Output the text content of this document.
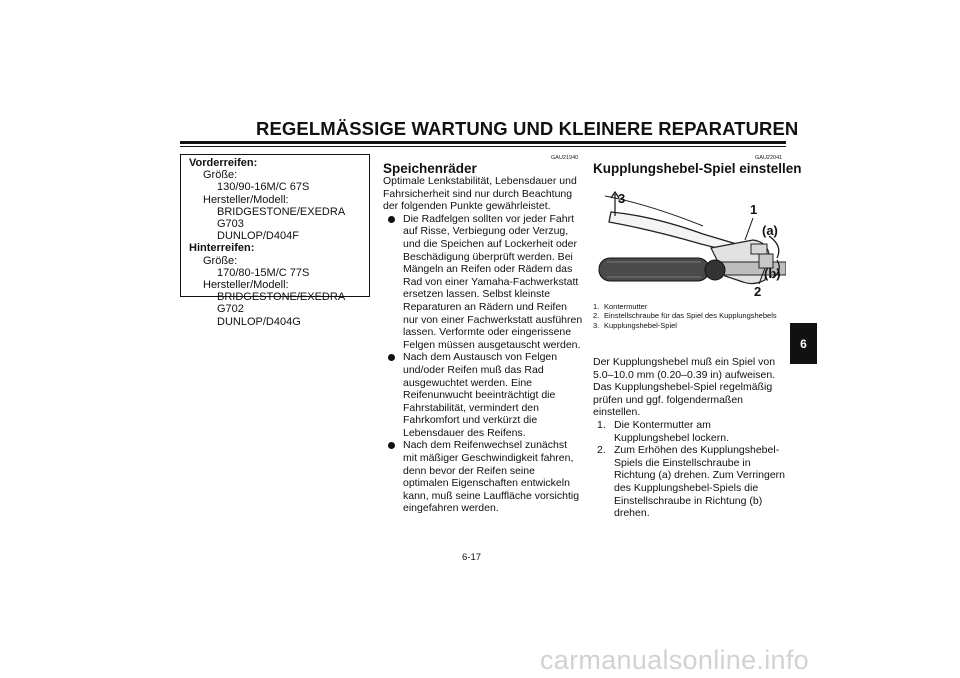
REGELMÄSSIGE WARTUNG UND KLEINERE REPARATUREN
Vorderreifen:
Größe:
130/90-16M/C 67S
Hersteller/Modell:
BRIDGESTONE/EXEDRA G703
DUNLOP/D404F
Hinterreifen:
Größe:
170/80-15M/C 77S
Hersteller/Modell:
BRIDGESTONE/EXEDRA G702
DUNLOP/D404G
GAU21940
Speichenräder
Optimale Lenkstabilität, Lebensdauer und Fahrsicherheit sind nur durch Beachtung der folgenden Punkte gewährleistet.
Die Radfelgen sollten vor jeder Fahrt auf Risse, Verbiegung oder Verzug, und die Speichen auf Lockerheit oder Beschädigung überprüft werden. Bei Mängeln an Reifen oder Rädern das Rad von einer Yamaha-Fachwerkstatt ersetzen lassen. Selbst kleinste Reparaturen an Rädern und Reifen nur von einer Fachwerkstatt ausführen lassen. Verformte oder eingerissene Felgen müssen ausgetauscht werden.
Nach dem Austausch von Felgen und/oder Reifen muß das Rad ausgewuchtet werden. Eine Reifenunwucht beeinträchtigt die Fahrstabilität, vermindert den Fahrkomfort und verkürzt die Lebensdauer des Reifens.
Nach dem Reifenwechsel zunächst mit mäßiger Geschwindigkeit fahren, denn bevor der Reifen seine optimalen Eigenschaften entwickeln kann, muß seine Lauffläche vorsichtig eingefahren werden.
GAU22041
Kupplungshebel-Spiel einstellen
3
1
(a)
(b)
2
1. Kontermutter
2. Einstellschraube für das Spiel des Kupplungshebels
3. Kupplungshebel-Spiel
Der Kupplungshebel muß ein Spiel von 5.0–10.0 mm (0.20–0.39 in) aufweisen. Das Kupplungshebel-Spiel regelmäßig prüfen und ggf. folgendermaßen einstellen.
1. Die Kontermutter am Kupplungshebel lockern.
2. Zum Erhöhen des Kupplungshebel-Spiels die Einstellschraube in Richtung (a) drehen. Zum Verringern des Kupplungshebel-Spiels die Einstellschraube in Richtung (b) drehen.
6
6-17
carmanualsonline.info
